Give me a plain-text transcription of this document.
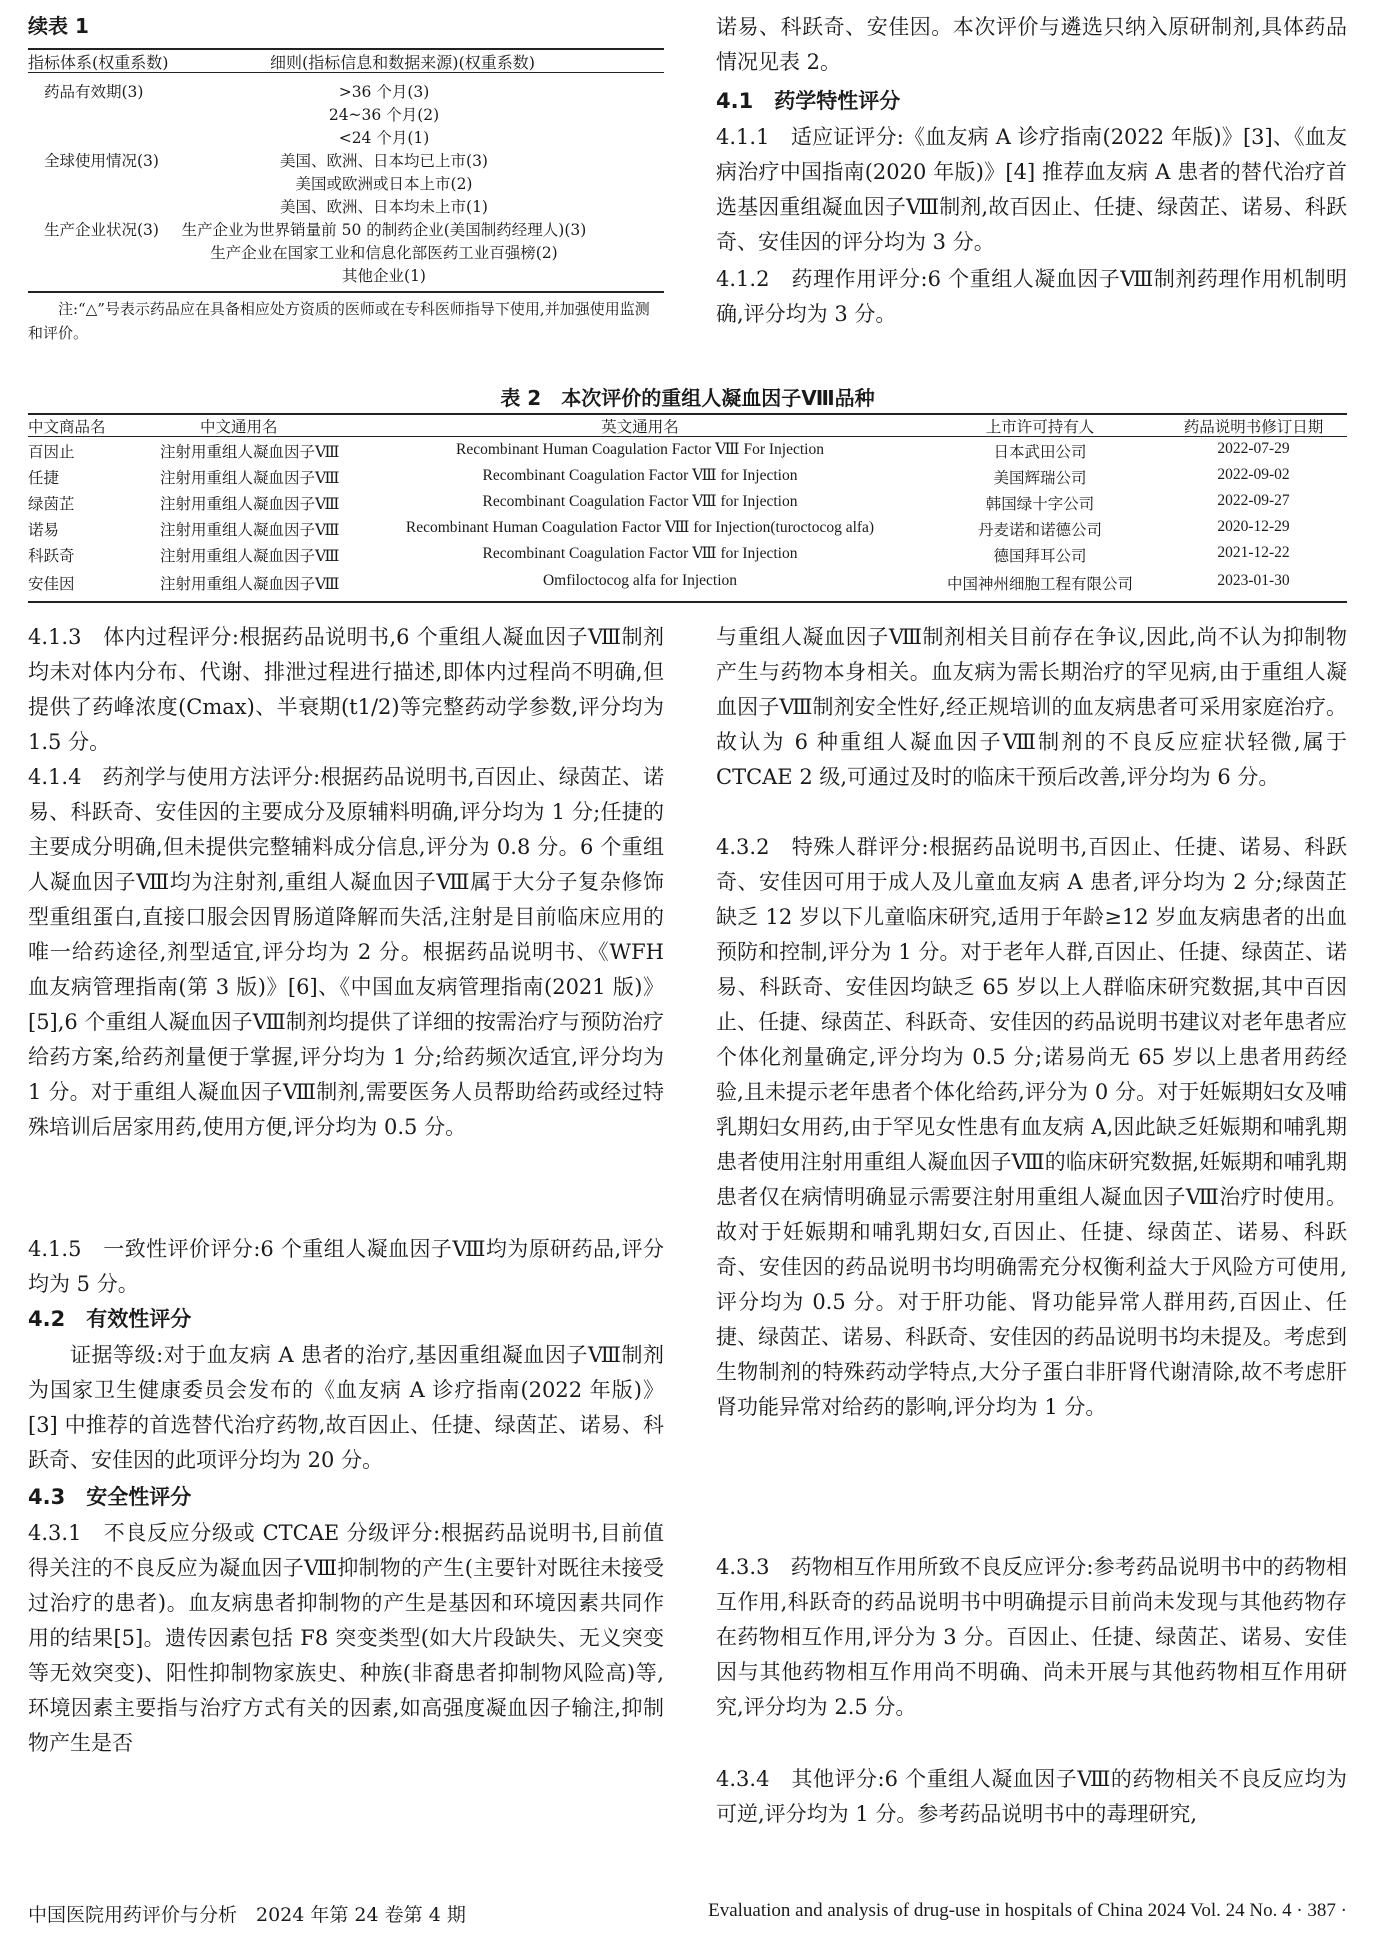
续表 1
指标体系(权重系数)	细则(指标信息和数据来源)(权重系数)
药品有效期(3)	>36 个月(3)
24~36 个月(2)
<24 个月(1)
全球使用情况(3)	美国、欧洲、日本均已上市(3)
美国或欧洲或日本上市(2)
美国、欧洲、日本均未上市(1)
生产企业状况(3)	生产企业为世界销量前 50 的制药企业(美国制药经理人)(3)
生产企业在国家工业和信息化部医药工业百强榜(2)
其他企业(1)
注:“△”号表示药品应在具备相应处方资质的医师或在专科医师指导下使用,并加强使用监测和评价。
诺易、科跃奇、安佳因。本次评价与遴选只纳入原研制剂,具体药品情况见表 2。
4.1　药学特性评分
4.1.1　适应证评分:《血友病 A 诊疗指南(2022 年版)》[3]、《血友病治疗中国指南(2020 年版)》[4] 推荐血友病 A 患者的替代治疗首选基因重组凝血因子Ⅷ制剂,故百因止、任捷、绿茵芷、诺易、科跃奇、安佳因的评分均为 3 分。
4.1.2　药理作用评分:6 个重组人凝血因子Ⅷ制剂药理作用机制明确,评分均为 3 分。
表 2　本次评价的重组人凝血因子Ⅷ品种
中文商品名	中文通用名	英文通用名	上市许可持有人	药品说明书修订日期
百因止	注射用重组人凝血因子Ⅷ	Recombinant Human Coagulation Factor Ⅷ For Injection	日本武田公司	2022-07-29
任捷	注射用重组人凝血因子Ⅷ	Recombinant Coagulation Factor Ⅷ for Injection	美国辉瑞公司	2022-09-02
绿茵芷	注射用重组人凝血因子Ⅷ	Recombinant Coagulation Factor Ⅷ for Injection	韩国绿十字公司	2022-09-27
诺易	注射用重组人凝血因子Ⅷ	Recombinant Human Coagulation Factor Ⅷ for Injection(turoctocog alfa)	丹麦诺和诺德公司	2020-12-29
科跃奇	注射用重组人凝血因子Ⅷ	Recombinant Coagulation Factor Ⅷ for Injection	德国拜耳公司	2021-12-22
安佳因	注射用重组人凝血因子Ⅷ	Omfiloctocog alfa for Injection	中国神州细胞工程有限公司	2023-01-30
4.1.3　体内过程评分:根据药品说明书,6 个重组人凝血因子Ⅷ制剂均未对体内分布、代谢、排泄过程进行描述,即体内过程尚不明确,但提供了药峰浓度(Cmax)、半衰期(t1/2)等完整药动学参数,评分均为 1.5 分。
4.1.4　药剂学与使用方法评分:根据药品说明书,百因止、绿茵芷、诺易、科跃奇、安佳因的主要成分及原辅料明确,评分均为 1 分;任捷的主要成分明确,但未提供完整辅料成分信息,评分为 0.8 分。6 个重组人凝血因子Ⅷ均为注射剂,重组人凝血因子Ⅷ属于大分子复杂修饰型重组蛋白,直接口服会因胃肠道降解而失活,注射是目前临床应用的唯一给药途径,剂型适宜,评分均为 2 分。根据药品说明书、《WFH 血友病管理指南(第 3 版)》[6]、《中国血友病管理指南(2021 版)》[5],6 个重组人凝血因子Ⅷ制剂均提供了详细的按需治疗与预防治疗给药方案,给药剂量便于掌握,评分均为 1 分;给药频次适宜,评分均为 1 分。对于重组人凝血因子Ⅷ制剂,需要医务人员帮助给药或经过特殊培训后居家用药,使用方便,评分均为 0.5 分。
4.1.5　一致性评价评分:6 个重组人凝血因子Ⅷ均为原研药品,评分均为 5 分。
4.2　有效性评分
证据等级:对于血友病 A 患者的治疗,基因重组凝血因子Ⅷ制剂为国家卫生健康委员会发布的《血友病 A 诊疗指南(2022 年版)》[3] 中推荐的首选替代治疗药物,故百因止、任捷、绿茵芷、诺易、科跃奇、安佳因的此项评分均为 20 分。
4.3　安全性评分
4.3.1　不良反应分级或 CTCAE 分级评分:根据药品说明书,目前值得关注的不良反应为凝血因子Ⅷ抑制物的产生(主要针对既往未接受过治疗的患者)。血友病患者抑制物的产生是基因和环境因素共同作用的结果[5]。遗传因素包括 F8 突变类型(如大片段缺失、无义突变等无效突变)、阳性抑制物家族史、种族(非裔患者抑制物风险高)等,环境因素主要指与治疗方式有关的因素,如高强度凝血因子输注,抑制物产生是否
与重组人凝血因子Ⅷ制剂相关目前存在争议,因此,尚不认为抑制物产生与药物本身相关。血友病为需长期治疗的罕见病,由于重组人凝血因子Ⅷ制剂安全性好,经正规培训的血友病患者可采用家庭治疗。故认为 6 种重组人凝血因子Ⅷ制剂的不良反应症状轻微,属于 CTCAE 2 级,可通过及时的临床干预后改善,评分均为 6 分。
4.3.2　特殊人群评分:根据药品说明书,百因止、任捷、诺易、科跃奇、安佳因可用于成人及儿童血友病 A 患者,评分均为 2 分;绿茵芷缺乏 12 岁以下儿童临床研究,适用于年龄≥12 岁血友病患者的出血预防和控制,评分为 1 分。对于老年人群,百因止、任捷、绿茵芷、诺易、科跃奇、安佳因均缺乏 65 岁以上人群临床研究数据,其中百因止、任捷、绿茵芷、科跃奇、安佳因的药品说明书建议对老年患者应个体化剂量确定,评分均为 0.5 分;诺易尚无 65 岁以上患者用药经验,且未提示老年患者个体化给药,评分为 0 分。对于妊娠期妇女及哺乳期妇女用药,由于罕见女性患有血友病 A,因此缺乏妊娠期和哺乳期患者使用注射用重组人凝血因子Ⅷ的临床研究数据,妊娠期和哺乳期患者仅在病情明确显示需要注射用重组人凝血因子Ⅷ治疗时使用。故对于妊娠期和哺乳期妇女,百因止、任捷、绿茵芷、诺易、科跃奇、安佳因的药品说明书均明确需充分权衡利益大于风险方可使用,评分均为 0.5 分。对于肝功能、肾功能异常人群用药,百因止、任捷、绿茵芷、诺易、科跃奇、安佳因的药品说明书均未提及。考虑到生物制剂的特殊药动学特点,大分子蛋白非肝肾代谢清除,故不考虑肝肾功能异常对给药的影响,评分均为 1 分。
4.3.3　药物相互作用所致不良反应评分:参考药品说明书中的药物相互作用,科跃奇的药品说明书中明确提示目前尚未发现与其他药物存在药物相互作用,评分为 3 分。百因止、任捷、绿茵芷、诺易、安佳因与其他药物相互作用尚不明确、尚未开展与其他药物相互作用研究,评分均为 2.5 分。
4.3.4　其他评分:6 个重组人凝血因子Ⅷ的药物相关不良反应均为可逆,评分均为 1 分。参考药品说明书中的毒理研究,
中国医院用药评价与分析　2024 年第 24 卷第 4 期	Evaluation and analysis of drug-use in hospitals of China 2024 Vol. 24 No. 4 · 387 ·
